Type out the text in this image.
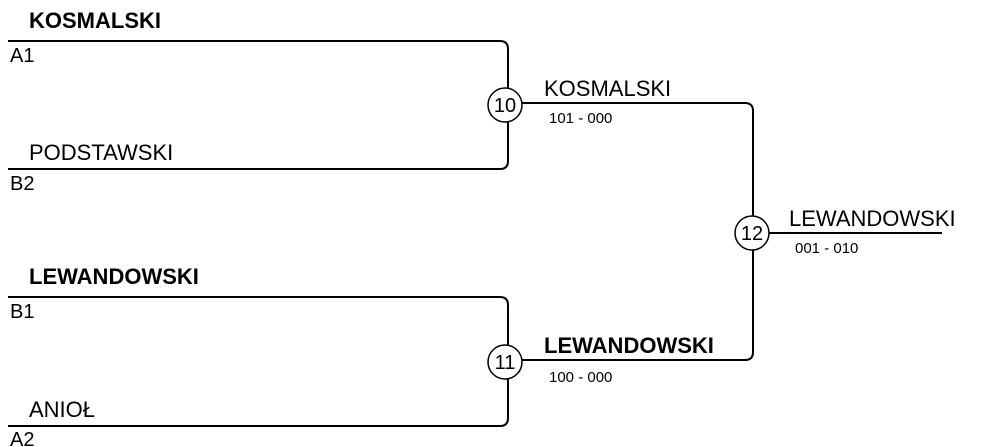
KOSMALSKI
A1
PODSTAWSKI
B2
10
KOSMALSKI
101 - 000
LEWANDOWSKI
B1
ANIOŁ
A2
11
LEWANDOWSKI
100 - 000
12
LEWANDOWSKI
001 - 010
